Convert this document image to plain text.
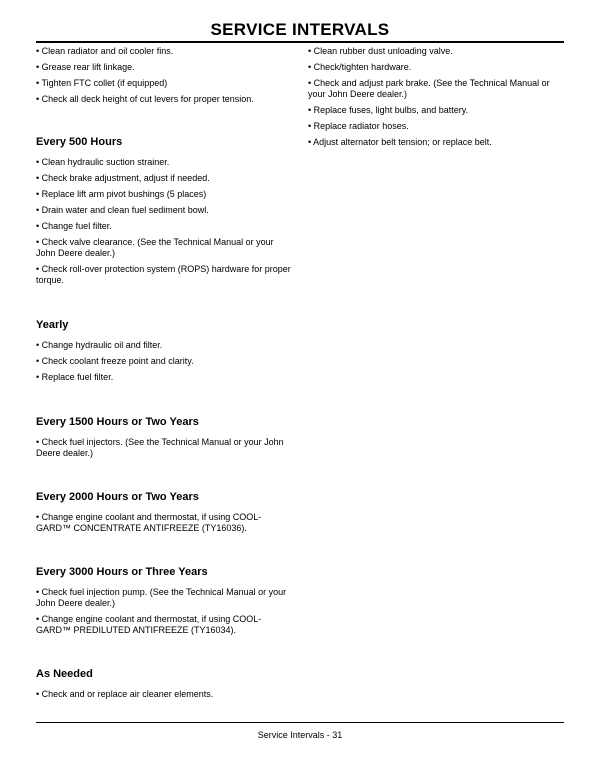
SERVICE INTERVALS

• Clean radiator and oil cooler fins.

• Grease rear lift linkage.

• Tighten FTC collet (if equipped)

• Check all deck height of cut levers for proper tension.

Every 500 Hours

• Clean hydraulic suction strainer.

• Check brake adjustment, adjust if needed.

• Replace lift arm pivot bushings (5 places)

• Drain water and clean fuel sediment bowl.

• Change fuel filter.

• Check valve clearance. (See the Technical Manual or your John Deere dealer.)

• Check roll-over protection system (ROPS) hardware for proper torque.

Yearly

• Change hydraulic oil and filter.

• Check coolant freeze point and clarity.

• Replace fuel filter.

Every 1500 Hours or Two Years

• Check fuel injectors. (See the Technical Manual or your John Deere dealer.)

Every 2000 Hours or Two Years

• Change engine coolant and thermostat, if using COOL-GARD™ CONCENTRATE ANTIFREEZE (TY16036).

Every 3000 Hours or Three Years

• Check fuel injection pump. (See the Technical Manual or your John Deere dealer.)

• Change engine coolant and thermostat, if using COOL-GARD™ PREDILUTED ANTIFREEZE (TY16034).

As Needed

• Check and or replace air cleaner elements.

• Clean rubber dust unloading valve.

• Check/tighten hardware.

• Check and adjust park brake. (See the Technical Manual or your John Deere dealer.)

• Replace fuses, light bulbs, and battery.

• Replace radiator hoses.

• Adjust alternator belt tension; or replace belt.

Service Intervals - 31
